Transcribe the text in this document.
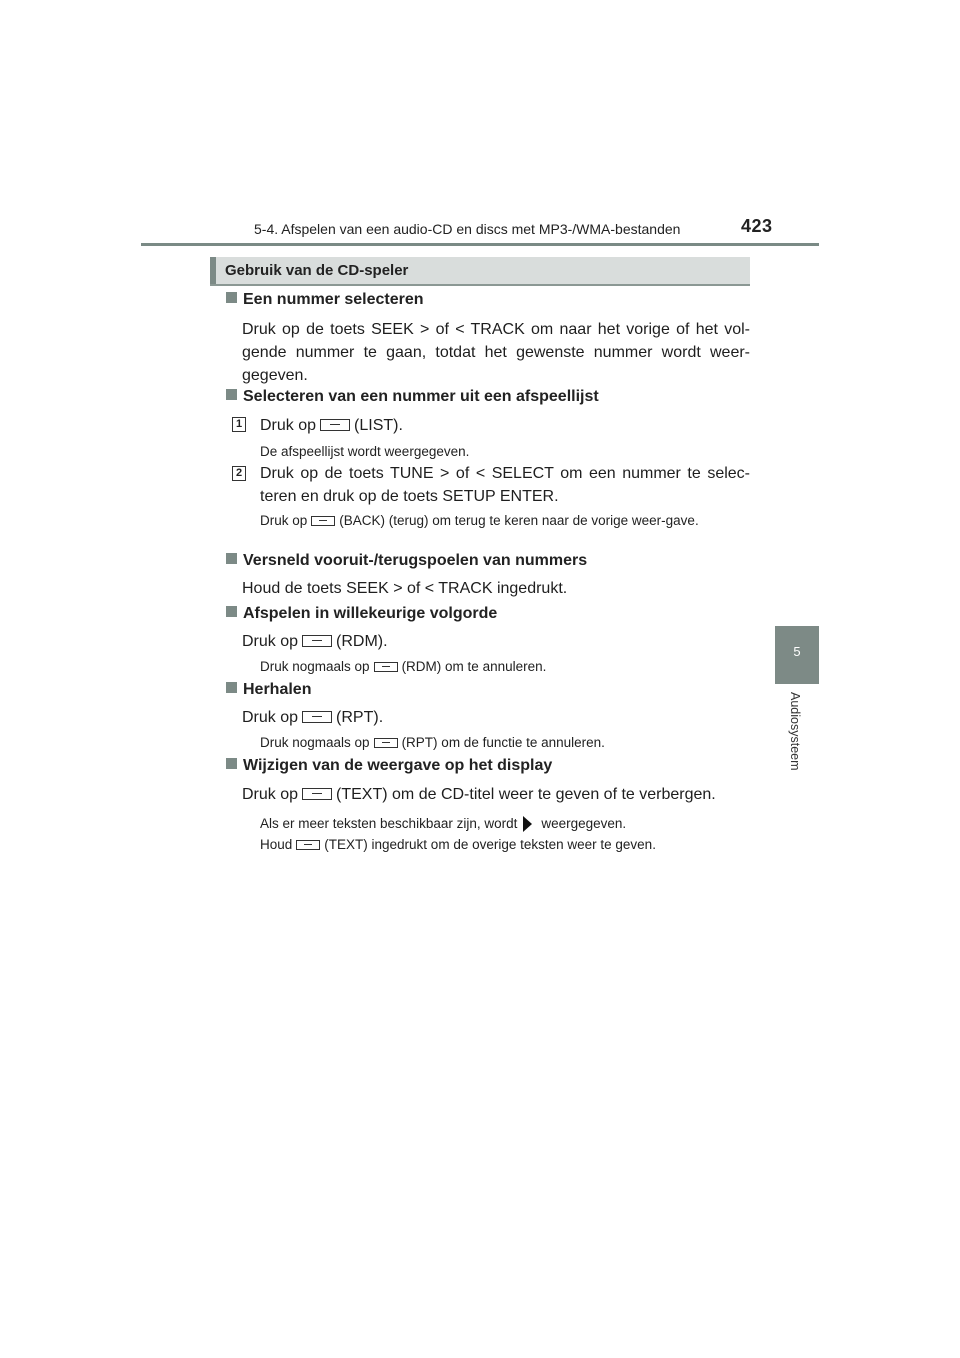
5-4. Afspelen van een audio-CD en discs met MP3-/WMA-bestanden	423
5
Audiosysteem
Gebruik van de CD-speler
Een nummer selecteren
Druk op de toets SEEK > of < TRACK om naar het vorige of het vol-gende nummer te gaan, totdat het gewenste nummer wordt weer-gegeven.
Selecteren van een nummer uit een afspeellijst
1 Druk op (LIST).
De afspeellijst wordt weergegeven.
2 Druk op de toets TUNE > of < SELECT om een nummer te selec-teren en druk op de toets SETUP ENTER.
Druk op (BACK) (terug) om terug te keren naar de vorige weer-gave.
Versneld vooruit-/terugspoelen van nummers
Houd de toets SEEK > of < TRACK ingedrukt.
Afspelen in willekeurige volgorde
Druk op (RDM).
Druk nogmaals op (RDM) om te annuleren.
Herhalen
Druk op (RPT).
Druk nogmaals op (RPT) om de functie te annuleren.
Wijzigen van de weergave op het display
Druk op (TEXT) om de CD-titel weer te geven of te verbergen.
Als er meer teksten beschikbaar zijn, wordt weergegeven.
Houd (TEXT) ingedrukt om de overige teksten weer te geven.
